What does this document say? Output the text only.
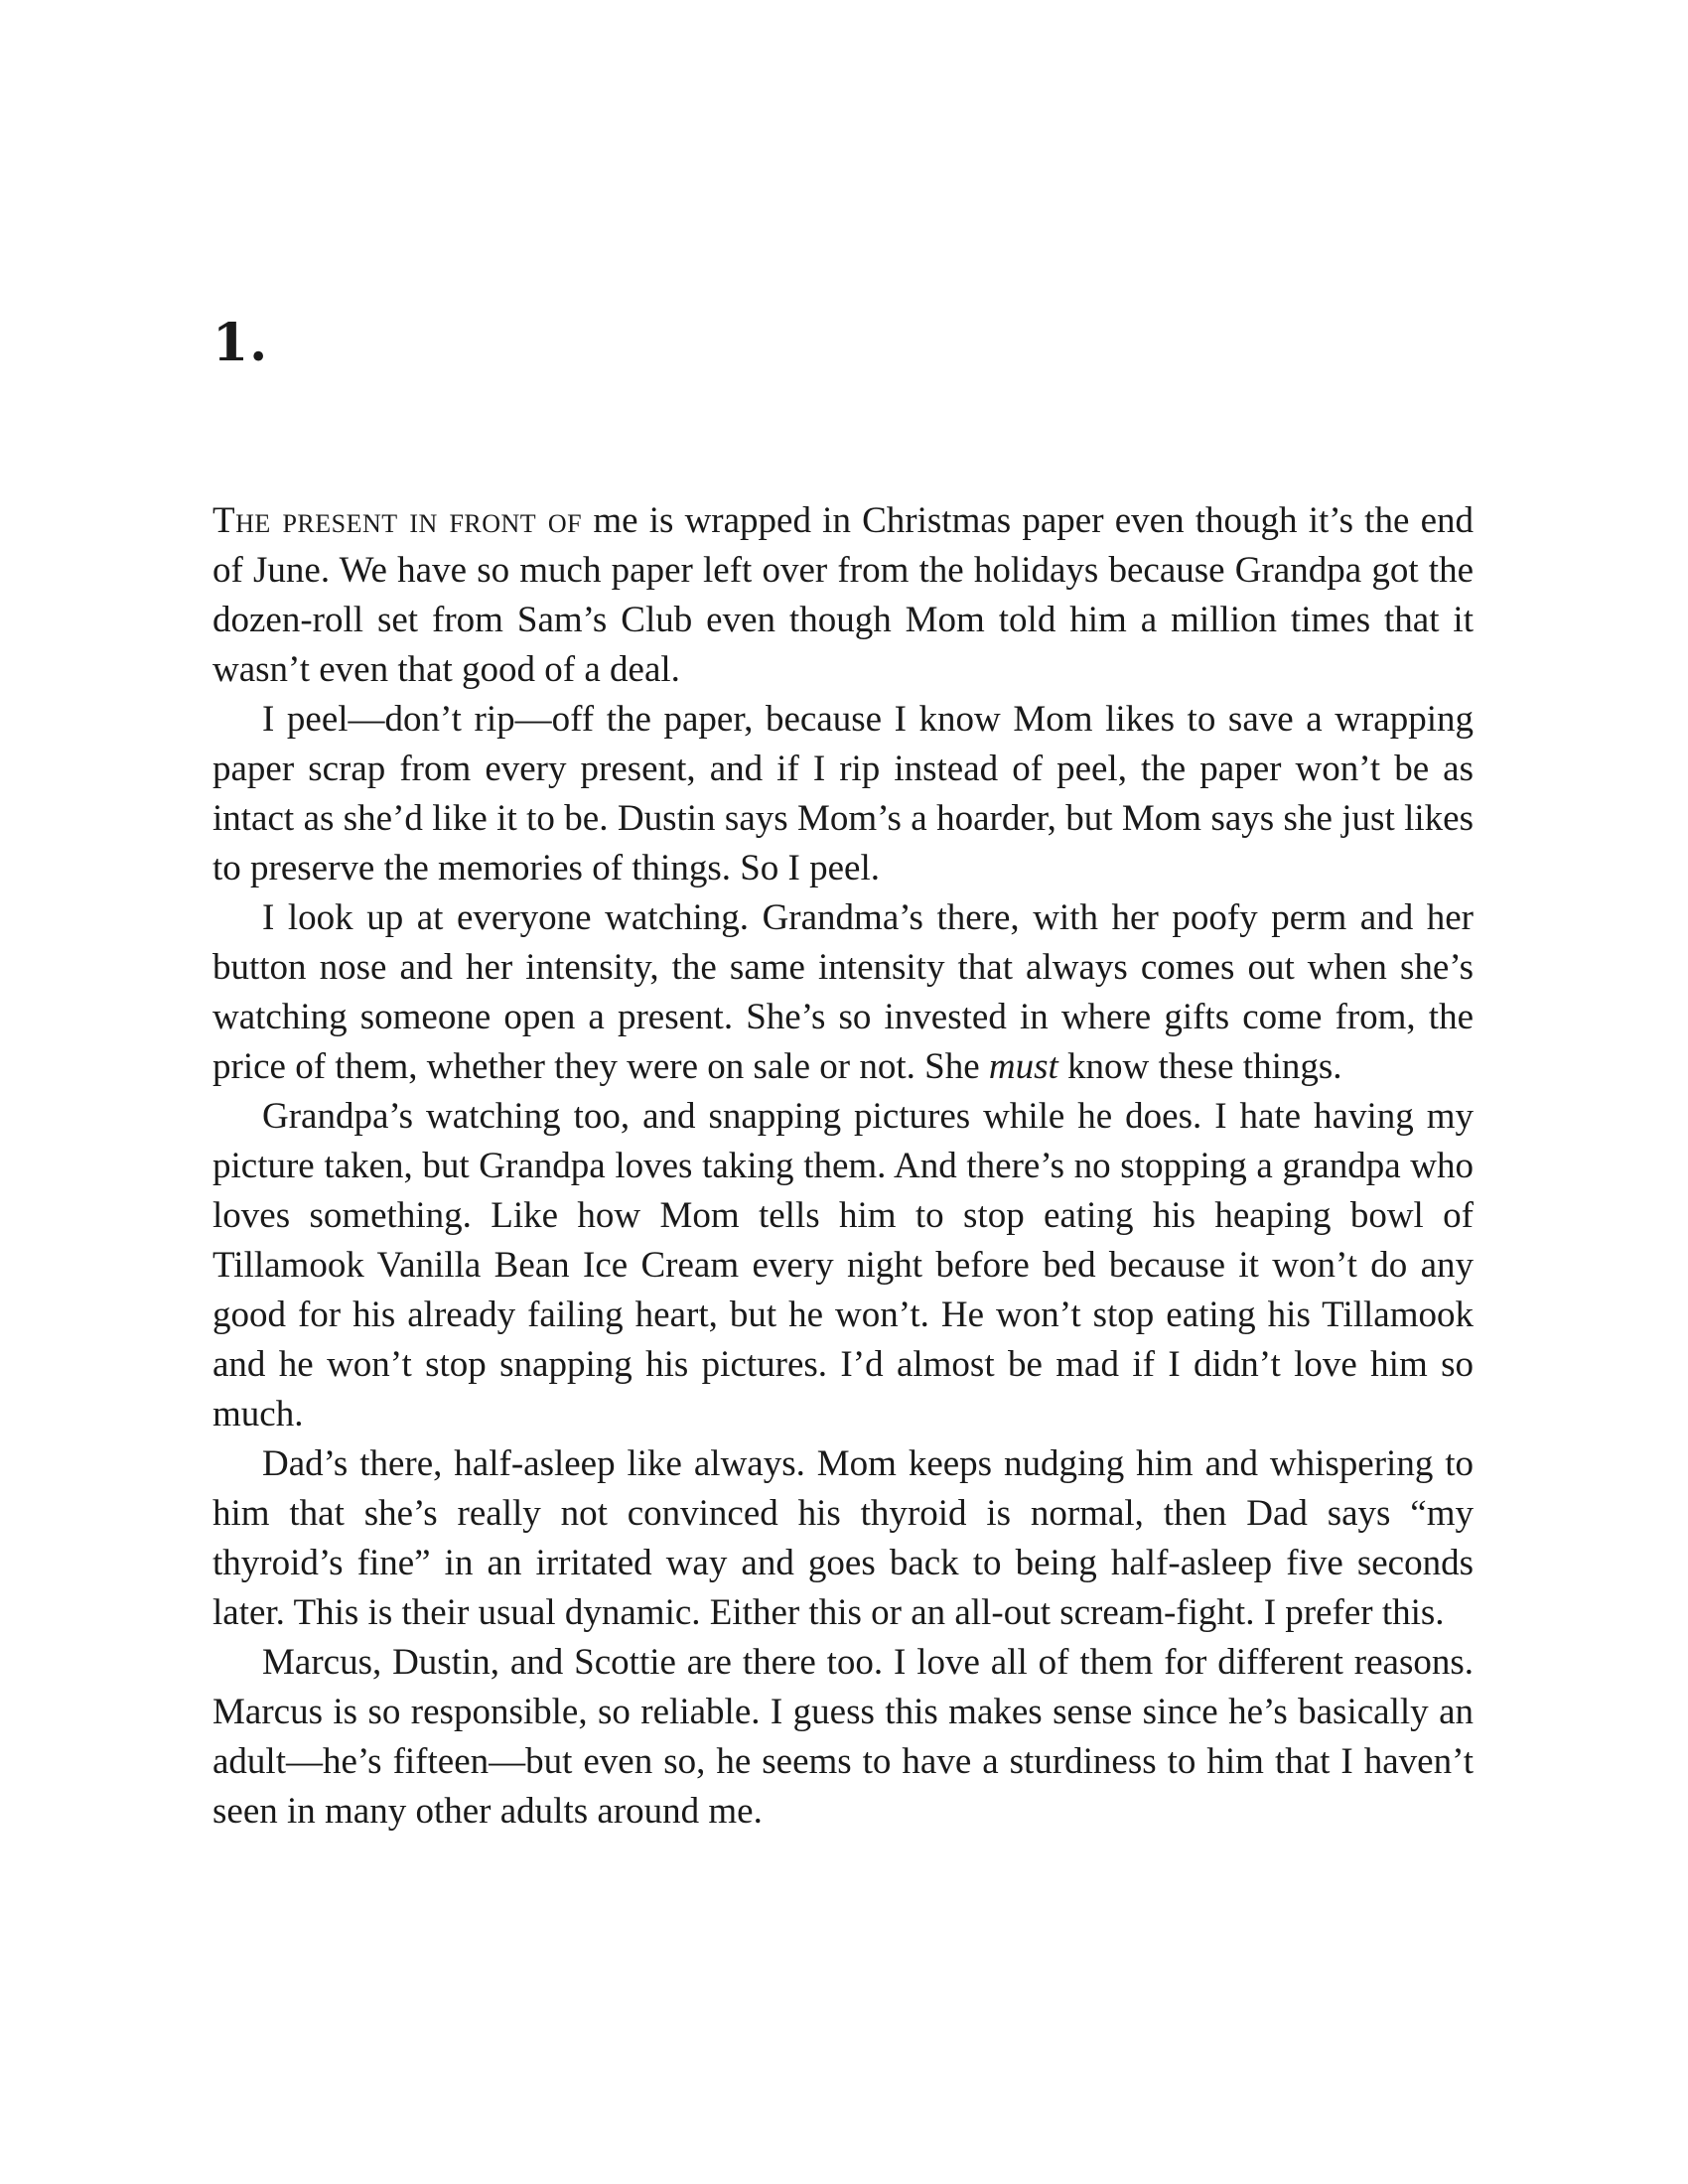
1.

The present in front of me is wrapped in Christmas paper even though it’s the end of June. We have so much paper left over from the holidays because Grandpa got the dozen-roll set from Sam’s Club even though Mom told him a million times that it wasn’t even that good of a deal.

I peel—don’t rip—off the paper, because I know Mom likes to save a wrapping paper scrap from every present, and if I rip instead of peel, the paper won’t be as intact as she’d like it to be. Dustin says Mom’s a hoarder, but Mom says she just likes to preserve the memories of things. So I peel.

I look up at everyone watching. Grandma’s there, with her poofy perm and her button nose and her intensity, the same intensity that always comes out when she’s watching someone open a present. She’s so invested in where gifts come from, the price of them, whether they were on sale or not. She must know these things.

Grandpa’s watching too, and snapping pictures while he does. I hate having my picture taken, but Grandpa loves taking them. And there’s no stopping a grandpa who loves something. Like how Mom tells him to stop eating his heaping bowl of Tillamook Vanilla Bean Ice Cream every night before bed because it won’t do any good for his already failing heart, but he won’t. He won’t stop eating his Tillamook and he won’t stop snapping his pictures. I’d almost be mad if I didn’t love him so much.

Dad’s there, half-asleep like always. Mom keeps nudging him and whispering to him that she’s really not convinced his thyroid is normal, then Dad says “my thyroid’s fine” in an irritated way and goes back to being half-asleep five seconds later. This is their usual dynamic. Either this or an all-out scream-fight. I prefer this.

Marcus, Dustin, and Scottie are there too. I love all of them for different reasons. Marcus is so responsible, so reliable. I guess this makes sense since he’s basically an adult—he’s fifteen—but even so, he seems to have a sturdiness to him that I haven’t seen in many other adults around me.
